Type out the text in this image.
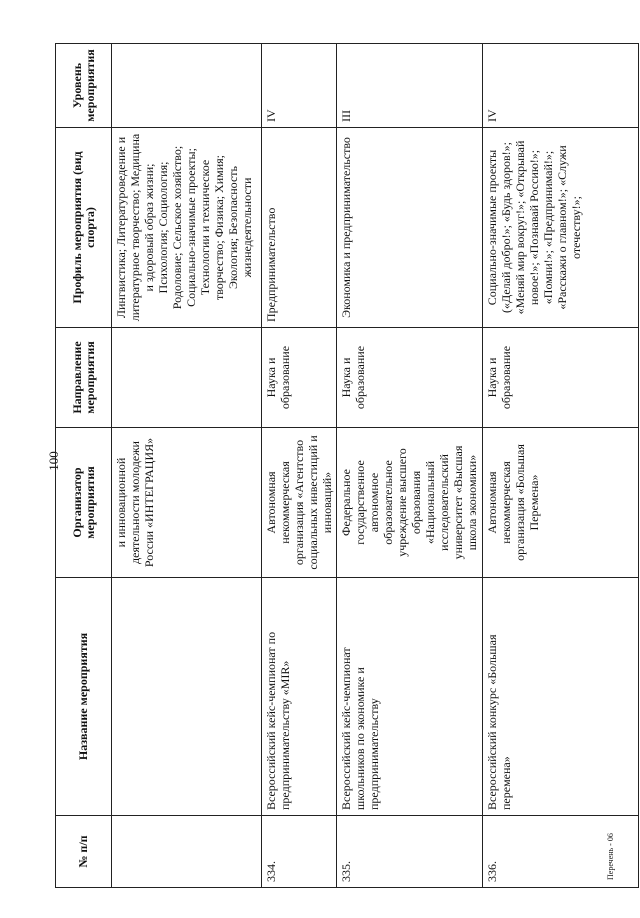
100
Перечень - 06
№ п/п	Название мероприятия	Организатор мероприятия	Направление мероприятия	Профиль мероприятия (вид спорта)	Уровень мероприятия
		и инновационной деятельности молодежи России «ИНТЕГРАЦИЯ»		Лингвистика; Литературоведение и литературное творчество; Медицина и здоровый образ жизни; Психология; Социология; Родоловие; Сельское хозяйство; Социально-значимые проекты; Технологии и техническое творчество; Физика; Химия; Экология; Безопасность жизнедеятельности	
334.	Всероссийский кейс-чемпионат по предпринимательству «MIR»	Автономная некоммерческая организация «Агентство социальных инвестиций и инноваций»	Наука и образование	Предпринимательство	IV
335.	Всероссийский кейс-чемпионат школьников по экономике и предпринимательству	Федеральное государственное автономное образовательное учреждение высшего образования «Национальный исследовательский университет «Высшая школа экономики»	Наука и образование	Экономика и предпринимательство	III
336.	Всероссийский конкурс «Большая перемена»	Автономная некоммерческая организация «Большая Перемена»	Наука и образование	Социально-значимые проекты («Делай добро!»; «Будь здоров!»; «Меняй мир вокруг!»; «Открывай новое!»; «Познавай Россию!»; «Помни!»; «Предпринимай!»; «Расскажи о главном!»; «Служи отечеству!»;	IV
